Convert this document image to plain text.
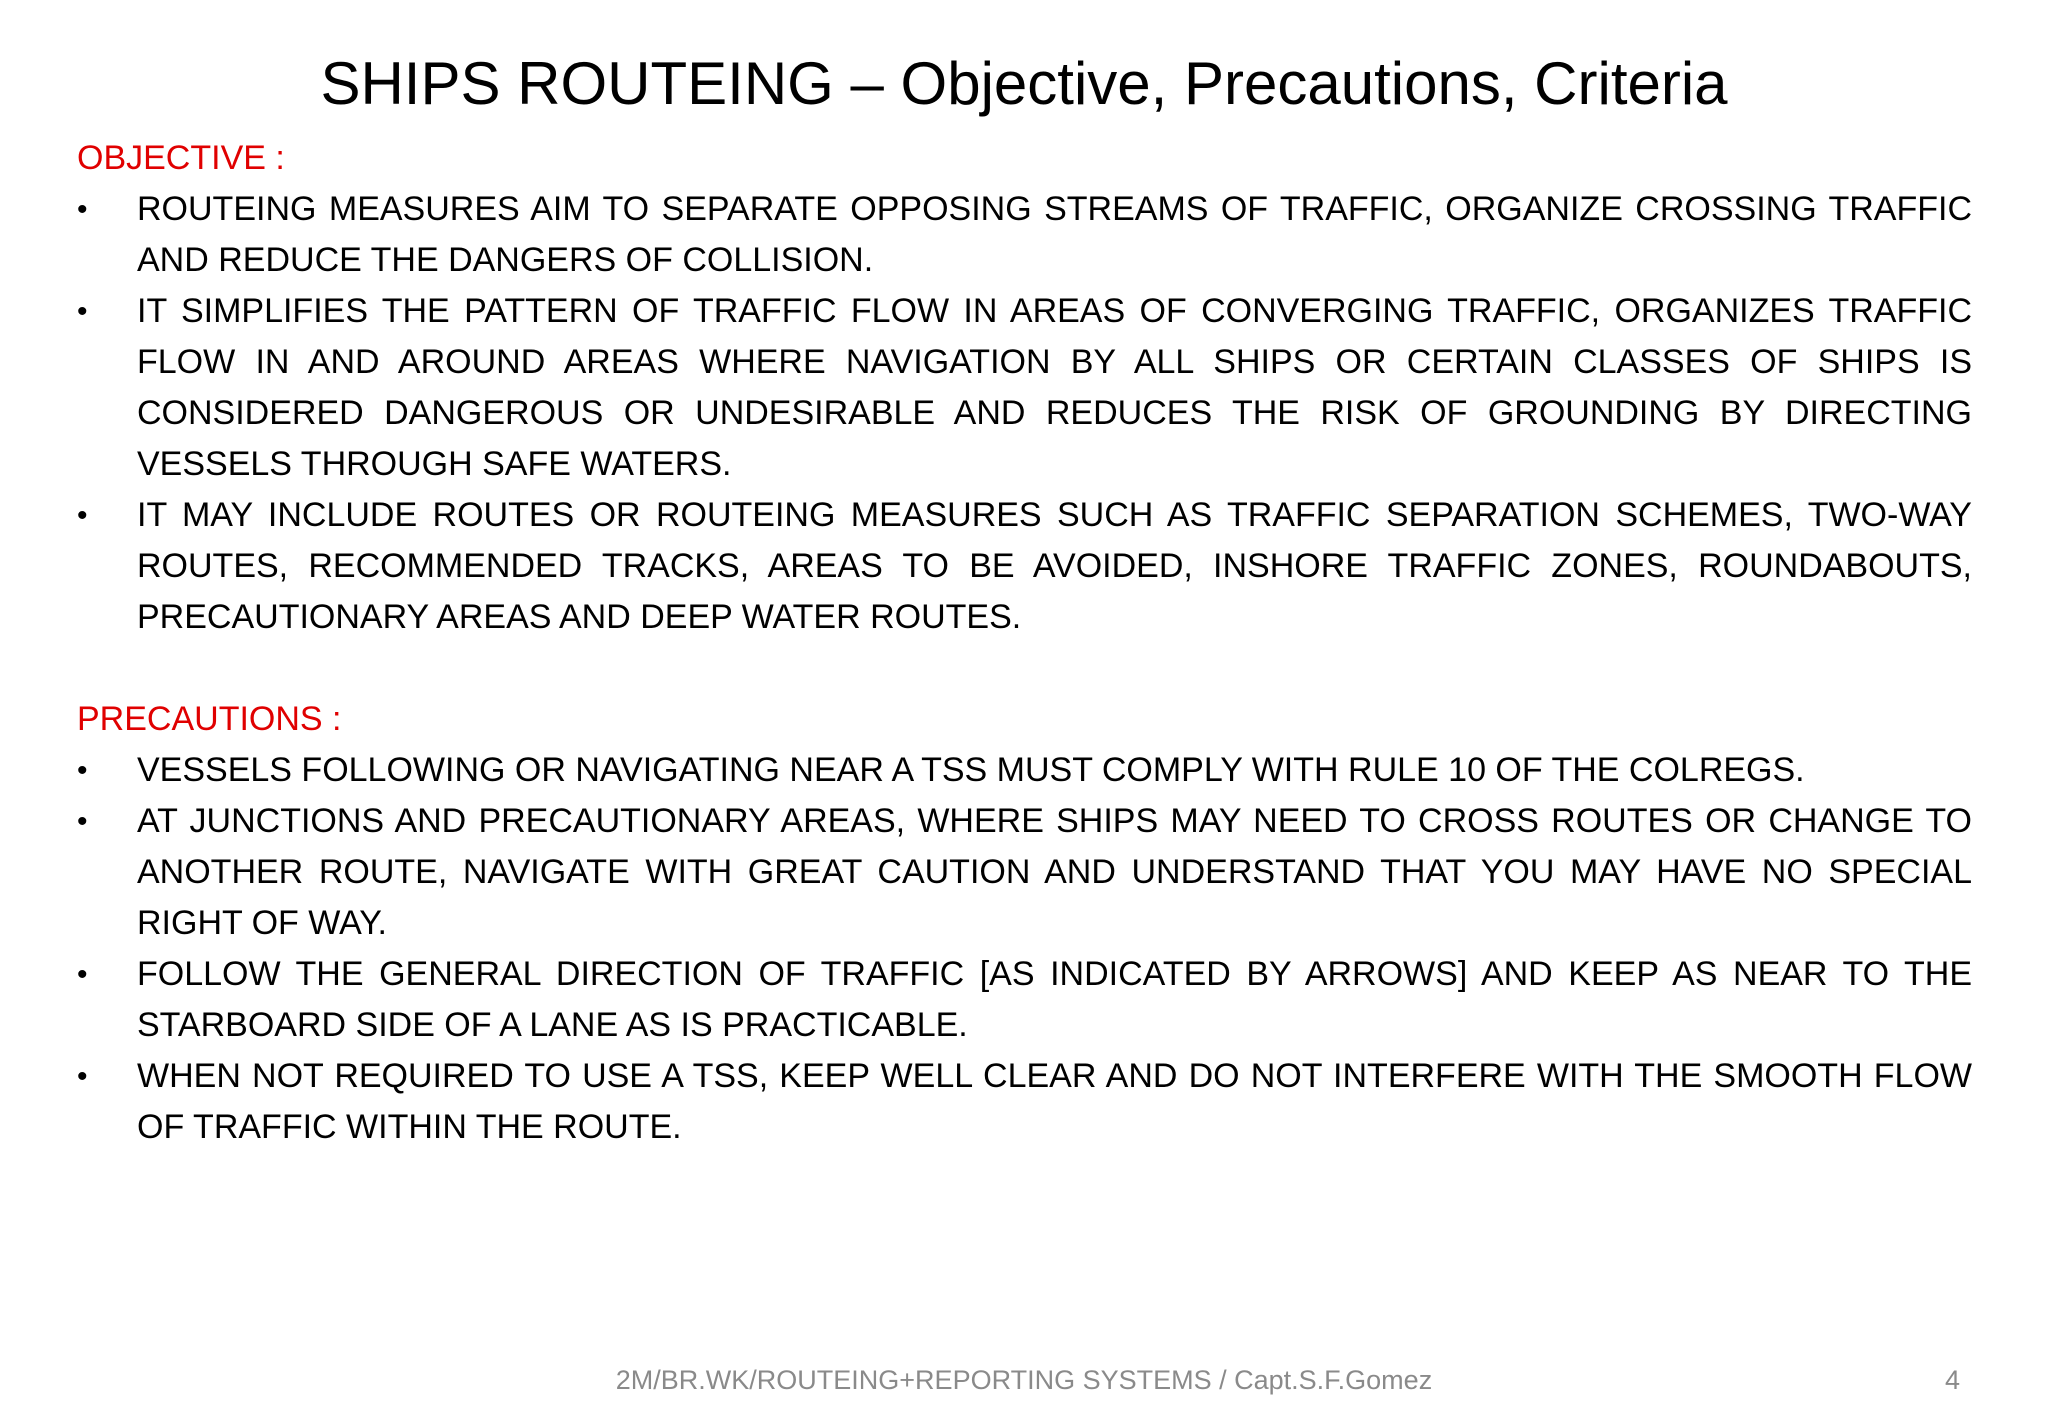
SHIPS ROUTEING – Objective, Precautions, Criteria
OBJECTIVE :
•	ROUTEING MEASURES AIM TO SEPARATE OPPOSING STREAMS OF TRAFFIC, ORGANIZE CROSSING TRAFFIC AND REDUCE THE DANGERS OF COLLISION.
•	IT SIMPLIFIES THE PATTERN OF TRAFFIC FLOW IN AREAS OF CONVERGING TRAFFIC, ORGANIZES TRAFFIC FLOW IN AND AROUND AREAS WHERE NAVIGATION BY ALL SHIPS OR CERTAIN CLASSES OF SHIPS IS CONSIDERED DANGEROUS OR UNDESIRABLE AND REDUCES THE RISK OF GROUNDING BY DIRECTING VESSELS THROUGH SAFE WATERS.
•	IT MAY INCLUDE ROUTES OR ROUTEING MEASURES SUCH AS TRAFFIC SEPARATION SCHEMES, TWO-WAY ROUTES, RECOMMENDED TRACKS, AREAS TO BE AVOIDED, INSHORE TRAFFIC ZONES, ROUNDABOUTS, PRECAUTIONARY AREAS AND DEEP WATER ROUTES.
PRECAUTIONS :
•	VESSELS FOLLOWING OR NAVIGATING NEAR A TSS MUST COMPLY WITH RULE 10 OF THE COLREGS.
•	AT JUNCTIONS AND PRECAUTIONARY AREAS, WHERE SHIPS MAY NEED TO CROSS ROUTES OR CHANGE TO ANOTHER ROUTE, NAVIGATE WITH GREAT CAUTION AND UNDERSTAND THAT YOU MAY HAVE NO SPECIAL RIGHT OF WAY.
•	FOLLOW THE GENERAL DIRECTION OF TRAFFIC [AS INDICATED BY ARROWS] AND KEEP AS NEAR TO THE STARBOARD SIDE OF A LANE AS IS PRACTICABLE.
•	WHEN NOT REQUIRED TO USE A TSS, KEEP WELL CLEAR AND DO NOT INTERFERE WITH THE SMOOTH FLOW OF TRAFFIC WITHIN THE ROUTE.
2M/BR.WK/ROUTEING+REPORTING SYSTEMS / Capt.S.F.Gomez	4
